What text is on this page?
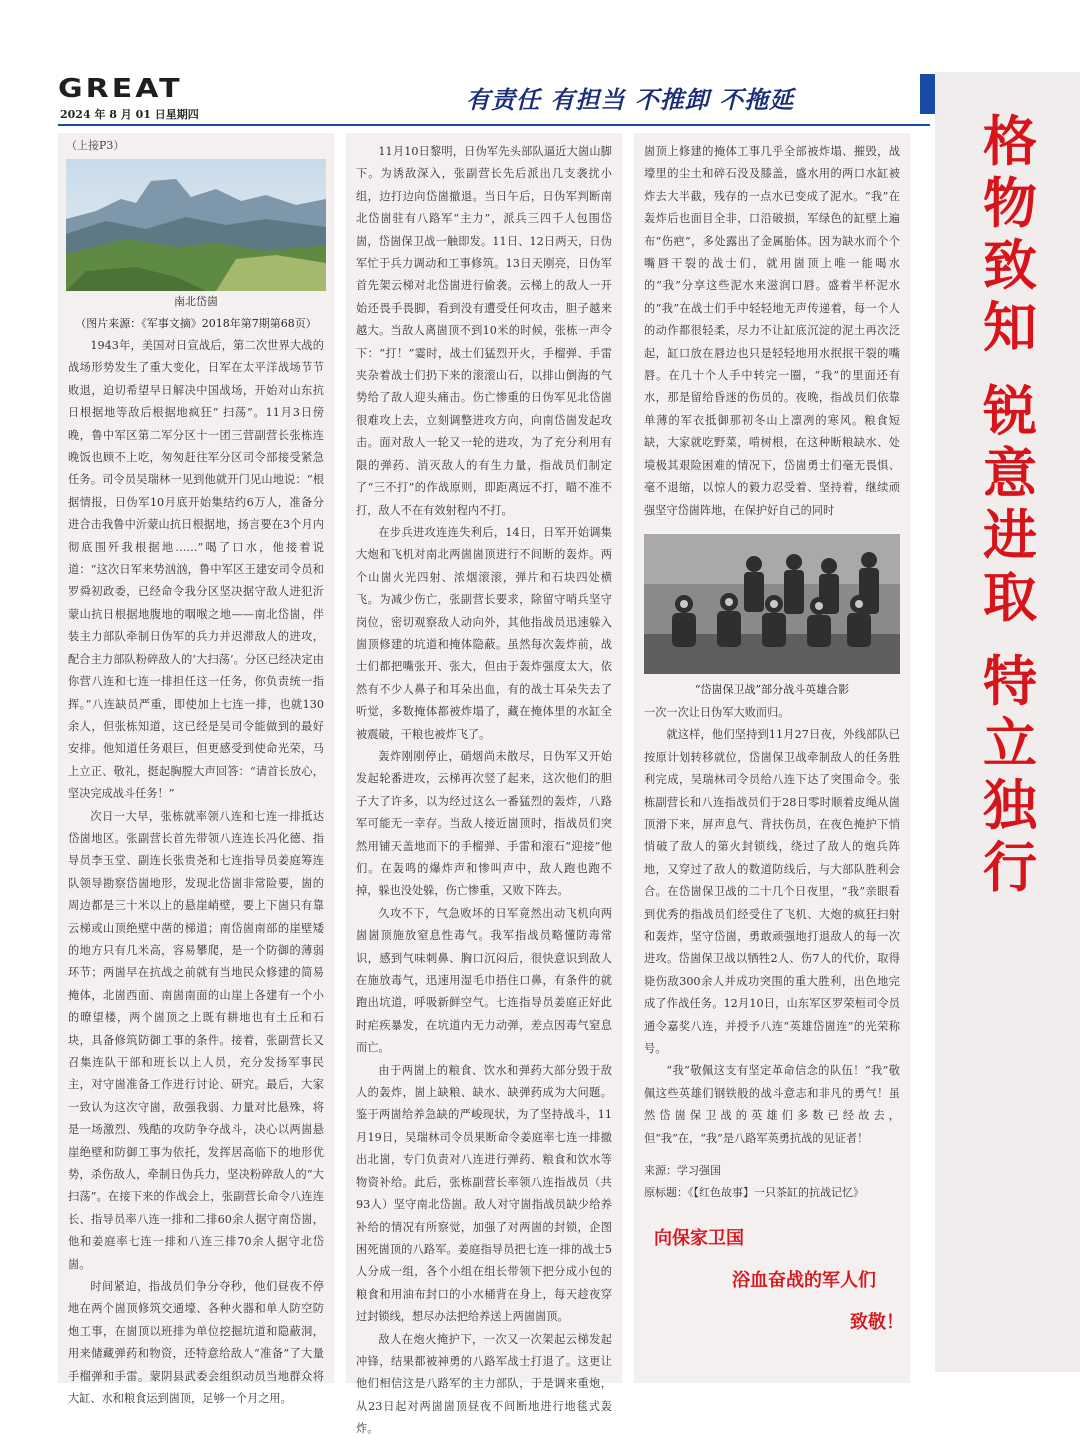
GREAT
2024 年 8 月 01 日星期四
有责任 有担当 不推卸 不拖延
格
物
致
知
锐
意
进
取
特
立
独
行
（上接P3）
南北岱崮
（图片来源：《军事文摘》2018年第7期第68页）

1943年，美国对日宣战后，第二次世界大战的战场形势发生了重大变化，日军在太平洋战场节节败退，迫切希望早日解决中国战场，开始对山东抗日根据地等敌后根据地疯狂“ 扫荡”。11月3日傍晚，鲁中军区第二军分区十一团三营副营长张栋连晚饭也顾不上吃，匆匆赶往军分区司令部接受紧急任务。司令员吴瑞林一见到他就开门见山地说：“根据情报，日伪军10月底开始集结约6万人，准备分进合击我鲁中沂蒙山抗日根据地，扬言要在3个月内彻底围歼我根据地……”喝了口水，他接着说道：“这次日军来势汹汹，鲁中军区王建安司令员和罗舜初政委，已经命令我分区坚决据守敌人进犯沂蒙山抗日根据地腹地的咽喉之地——南北岱崮，伴装主力部队牵制日伪军的兵力并迟滞敌人的进攻，配合主力部队粉碎敌人的‘大扫荡’。分区已经决定由你营八连和七连一排担任这一任务，你负责统一指挥。”八连缺员严重，即使加上七连一排，也就130余人，但张栋知道，这已经是吴司令能做到的最好安排。他知道任务艰巨，但更感受到使命光荣，马上立正、敬礼，挺起胸膛大声回答：“请首长放心，坚决完成战斗任务！”

次日一大早，张栋就率领八连和七连一排抵达岱崮地区。张副营长首先带领八连连长冯化德、指导员李玉堂、副连长张贵尧和七连指导员姜庭筹连队领导勘察岱崮地形，发现北岱崮非常险要，崮的周边都是三十米以上的悬崖峭壁，要上下崮只有靠云梯或山顶绝壁中凿的梯道；南岱崮南部的崖壁矮的地方只有几米高，容易攀爬，是一个防御的薄弱环节；两崮早在抗战之前就有当地民众修建的简易掩体，北崮西面、南崮南面的山崖上各建有一个小的暸望楼，两个崮顶之上既有耕地也有土丘和石块，具备修筑防御工事的条件。接着，张副营长又召集连队干部和班长以上人员，充分发扬军事民主，对守崮准备工作进行讨论、研究。最后，大家一致认为这次守崮，敌强我弱、力量对比悬殊，将是一场激烈、残酷的攻防争夺战斗，决心以两崮悬崖绝壁和防御工事为依托，发挥居高临下的地形优势，杀伤敌人，牵制日伪兵力，坚决粉碎敌人的“大扫荡”。在接下来的作战会上，张副营长命令八连连长、指导员率八连一排和二排60余人据守南岱崮，他和姜庭率七连一排和八连三排70余人据守北岱崮。

时间紧迫，指战员们争分夺秒，他们昼夜不停地在两个崮顶修筑交通壕、各种火器和单人防空防炮工事，在崮顶以班排为单位挖掘坑道和隐蔽洞，用来储藏弹药和物资，还特意给敌人“准备”了大量手榴弹和手雷。蒙阴县武委会组织动员当地群众将大缸、水和粮食运到崮顶，足够一个月之用。

11月10日黎明，日伪军先头部队逼近大崮山脚下。为诱敌深入，张副营长先后派出几支袭扰小组，边打边向岱崮撤退。当日午后，日伪军判断南北岱崮驻有八路军“主力”，派兵三四千人包围岱崮，岱崮保卫战一触即发。11日、12日两天，日伪军忙于兵力调动和工事修筑。13日天刚亮，日伪军首先架云梯对北岱崮进行偷袭。云梯上的敌人一开始还畏手畏脚，看到没有遭受任何攻击，胆子越来越大。当敌人离崮顶不到10米的时候，张栋一声令下：“打！”霎时，战士们猛烈开火，手榴弹、手雷夹杂着战士们扔下来的滚滚山石，以排山倒海的气势给了敌人迎头痛击。伤亡惨重的日伪军见北岱崮很难攻上去，立刻调整进攻方向，向南岱崮发起攻击。面对敌人一轮又一轮的进攻，为了充分利用有限的弹药、消灭敌人的有生力量，指战员们制定了“三不打”的作战原则，即距离远不打，瞄不准不打，敌人不在有效射程内不打。

在步兵进攻连连失利后，14日，日军开始调集大炮和飞机对南北两崮崮顶进行不间断的轰炸。两个山崮火光四射、浓烟滚滚，弹片和石块四处横飞。为减少伤亡，张副营长要求，除留守哨兵坚守岗位，密切观察敌人动向外，其他指战员迅速躲入崮顶修建的坑道和掩体隐蔽。虽然每次轰炸前，战士们都把嘴张开、张大，但由于轰炸强度太大，依然有不少人鼻子和耳朵出血，有的战士耳朵失去了听觉，多数掩体都被炸塌了，藏在掩体里的水缸全被震破，干粮也被炸飞了。

轰炸刚刚停止，硝烟尚未散尽，日伪军又开始发起轮番进攻，云梯再次竖了起来，这次他们的胆子大了许多，以为经过这么一番猛烈的轰炸，八路军可能无一幸存。当敌人接近崮顶时，指战员们突然用铺天盖地而下的手榴弹、手雷和滚石“迎接”他们。在轰鸣的爆炸声和惨叫声中，敌人跑也跑不掉，躲也没处躲，伤亡惨重，又败下阵去。

久攻不下，气急败坏的日军竟然出动飞机向两崮崮顶施放窒息性毒气。我军指战员略懂防毒常识，感到气味刺鼻、胸口沉闷后，很快意识到敌人在施放毒气，迅速用湿毛巾捂住口鼻，有条件的就跑出坑道，呼吸新鲜空气。七连指导员姜庭正好此时疟疾暴发，在坑道内无力动弹，差点因毒气窒息而亡。

由于两崮上的粮食、饮水和弹药大部分毁于敌人的轰炸，崮上缺粮、缺水、缺弹药成为大问题。鉴于两崮给养急缺的严峻现状，为了坚持战斗，11月19日，吴瑞林司令员果断命令姜庭率七连一排撤出北崮，专门负责对八连进行弹药、粮食和饮水等物资补给。此后，张栋副营长率领八连指战员（共93人）坚守南北岱崮。敌人对守崮指战员缺少给养补给的情况有所察觉，加强了对两崮的封锁，企图困死崮顶的八路军。姜庭指导员把七连一排的战士5人分成一组，各个小组在组长带领下把分成小包的粮食和用油布封口的小水桶背在身上，每天趁夜穿过封锁线，想尽办法把给养送上两崮崮顶。

敌人在炮火掩护下，一次又一次架起云梯发起冲锋，结果都被神勇的八路军战士打退了。这更让他们相信这是八路军的主力部队，于是调来重炮，从23日起对两崮崮顶昼夜不间断地进行地毯式轰炸。

崮顶上修建的掩体工事几乎全部被炸塌、摧毁，战壕里的尘土和碎石没及膝盖，盛水用的两口水缸被炸去大半截，残存的一点水已变成了泥水。“我”在轰炸后也面目全非，口沿破损，军绿色的缸壁上遍布“伤疤”，多处露出了金属胎体。因为缺水而个个嘴唇干裂的战士们，就用崮顶上唯一能喝水的“我”分享这些泥水来滋润口唇。盛着半杯泥水的“我”在战士们手中轻轻地无声传递着，每一个人的动作都很轻柔，尽力不让缸底沉淀的泥土再次泛起，缸口放在唇边也只是轻轻地用水抿抿干裂的嘴唇。在几十个人手中转完一圈，“我”的里面还有水，那是留给昏迷的伤员的。夜晚，指战员们依靠单薄的军衣抵御那初冬山上凛冽的寒风。粮食短缺，大家就吃野菜，啃树根，在这种断粮缺水、处境极其艰险困难的情况下，岱崮勇士们毫无畏惧、毫不退缩，以惊人的毅力忍受着、坚持着，继续顽强坚守岱崮阵地，在保护好自己的同时

“岱崮保卫战”部分战斗英雄合影

一次一次让日伪军大败而归。

就这样，他们坚持到11月27日夜，外线部队已按原计划转移就位，岱崮保卫战牵制敌人的任务胜利完成，吴瑞林司令员给八连下达了突围命令。张栋副营长和八连指战员们于28日零时顺着皮绳从崮顶滑下来，屏声息气、背扶伤员，在夜色掩护下悄悄破了敌人的第火封锁线，绕过了敌人的炮兵阵地，又穿过了敌人的数道防线后，与大部队胜利会合。在岱崮保卫战的二十几个日夜里，“我”亲眼看到优秀的指战员们经受住了飞机、大炮的疯狂扫射和轰炸，坚守岱崮，勇敢顽强地打退敌人的每一次进攻。岱崮保卫战以牺牲2人、伤7人的代价，取得毙伤敌300余人并成功突围的重大胜利，出色地完成了作战任务。12月10日，山东军区罗荣桓司令员通令嘉奖八连，并授予八连“英雄岱崮连”的光荣称号。

“我”敬佩这支有坚定革命信念的队伍！“我”敬佩这些英雄们钢铁般的战斗意志和非凡的勇气！虽然岱崮保卫战的英雄们多数已经故去，但“我”在，“我”是八路军英勇抗战的见证者！

来源：学习强国
原标题：《【红色故事】一只茶缸的抗战记忆》
向保家卫国
浴血奋战的军人们
致敬！
